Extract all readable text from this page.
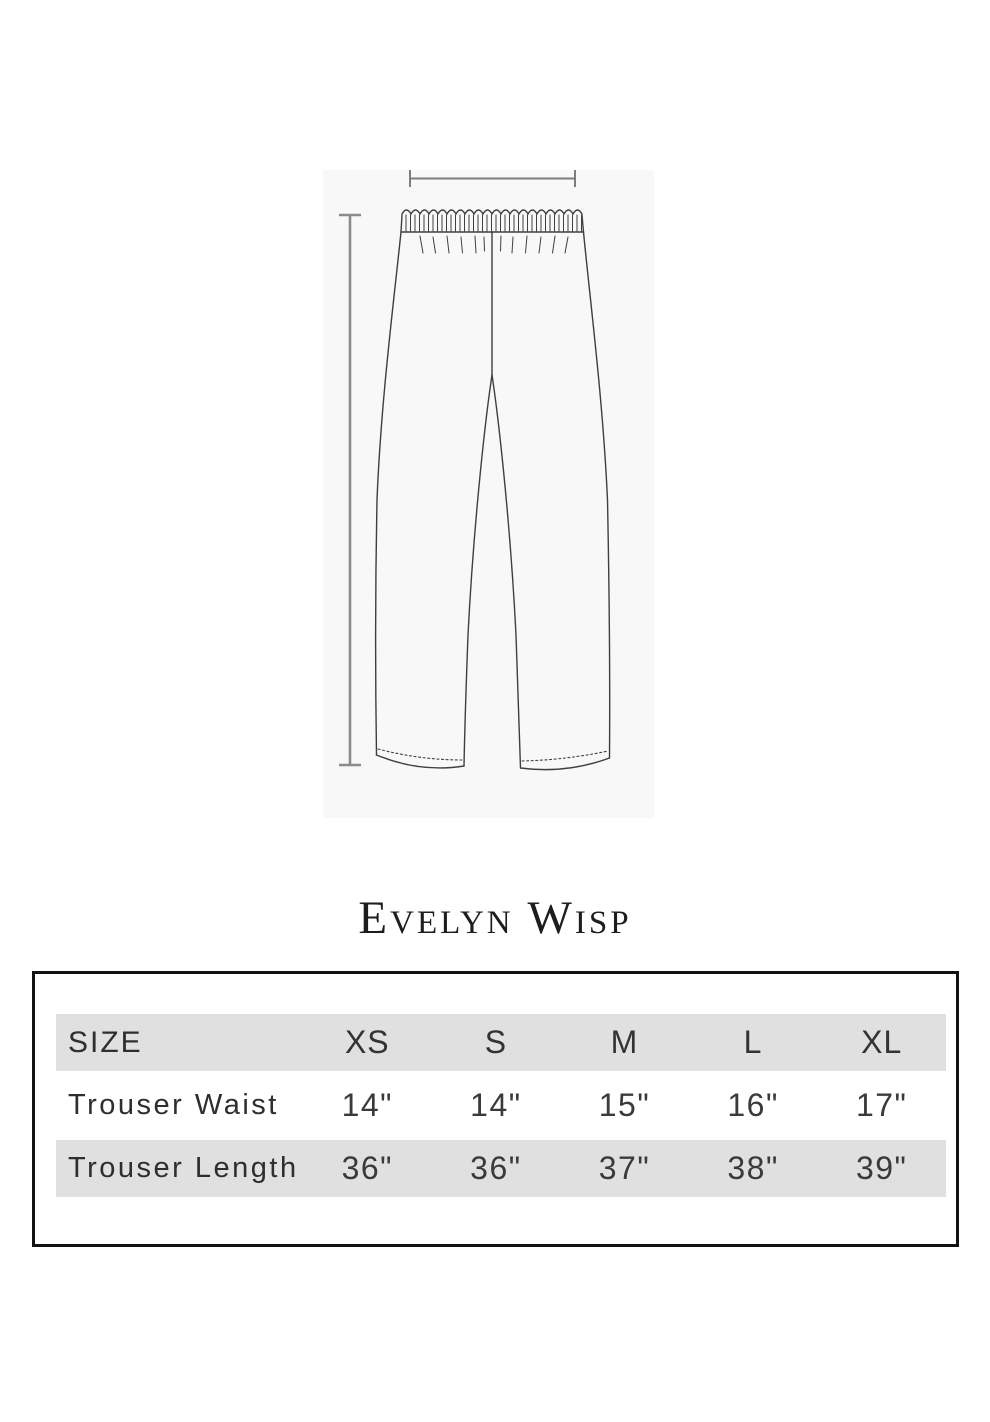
Evelyn Wisp
SIZE	XS	S	M	L	XL
Trouser Waist	14"	14"	15"	16"	17"
Trouser Length	36"	36"	37"	38"	39"
